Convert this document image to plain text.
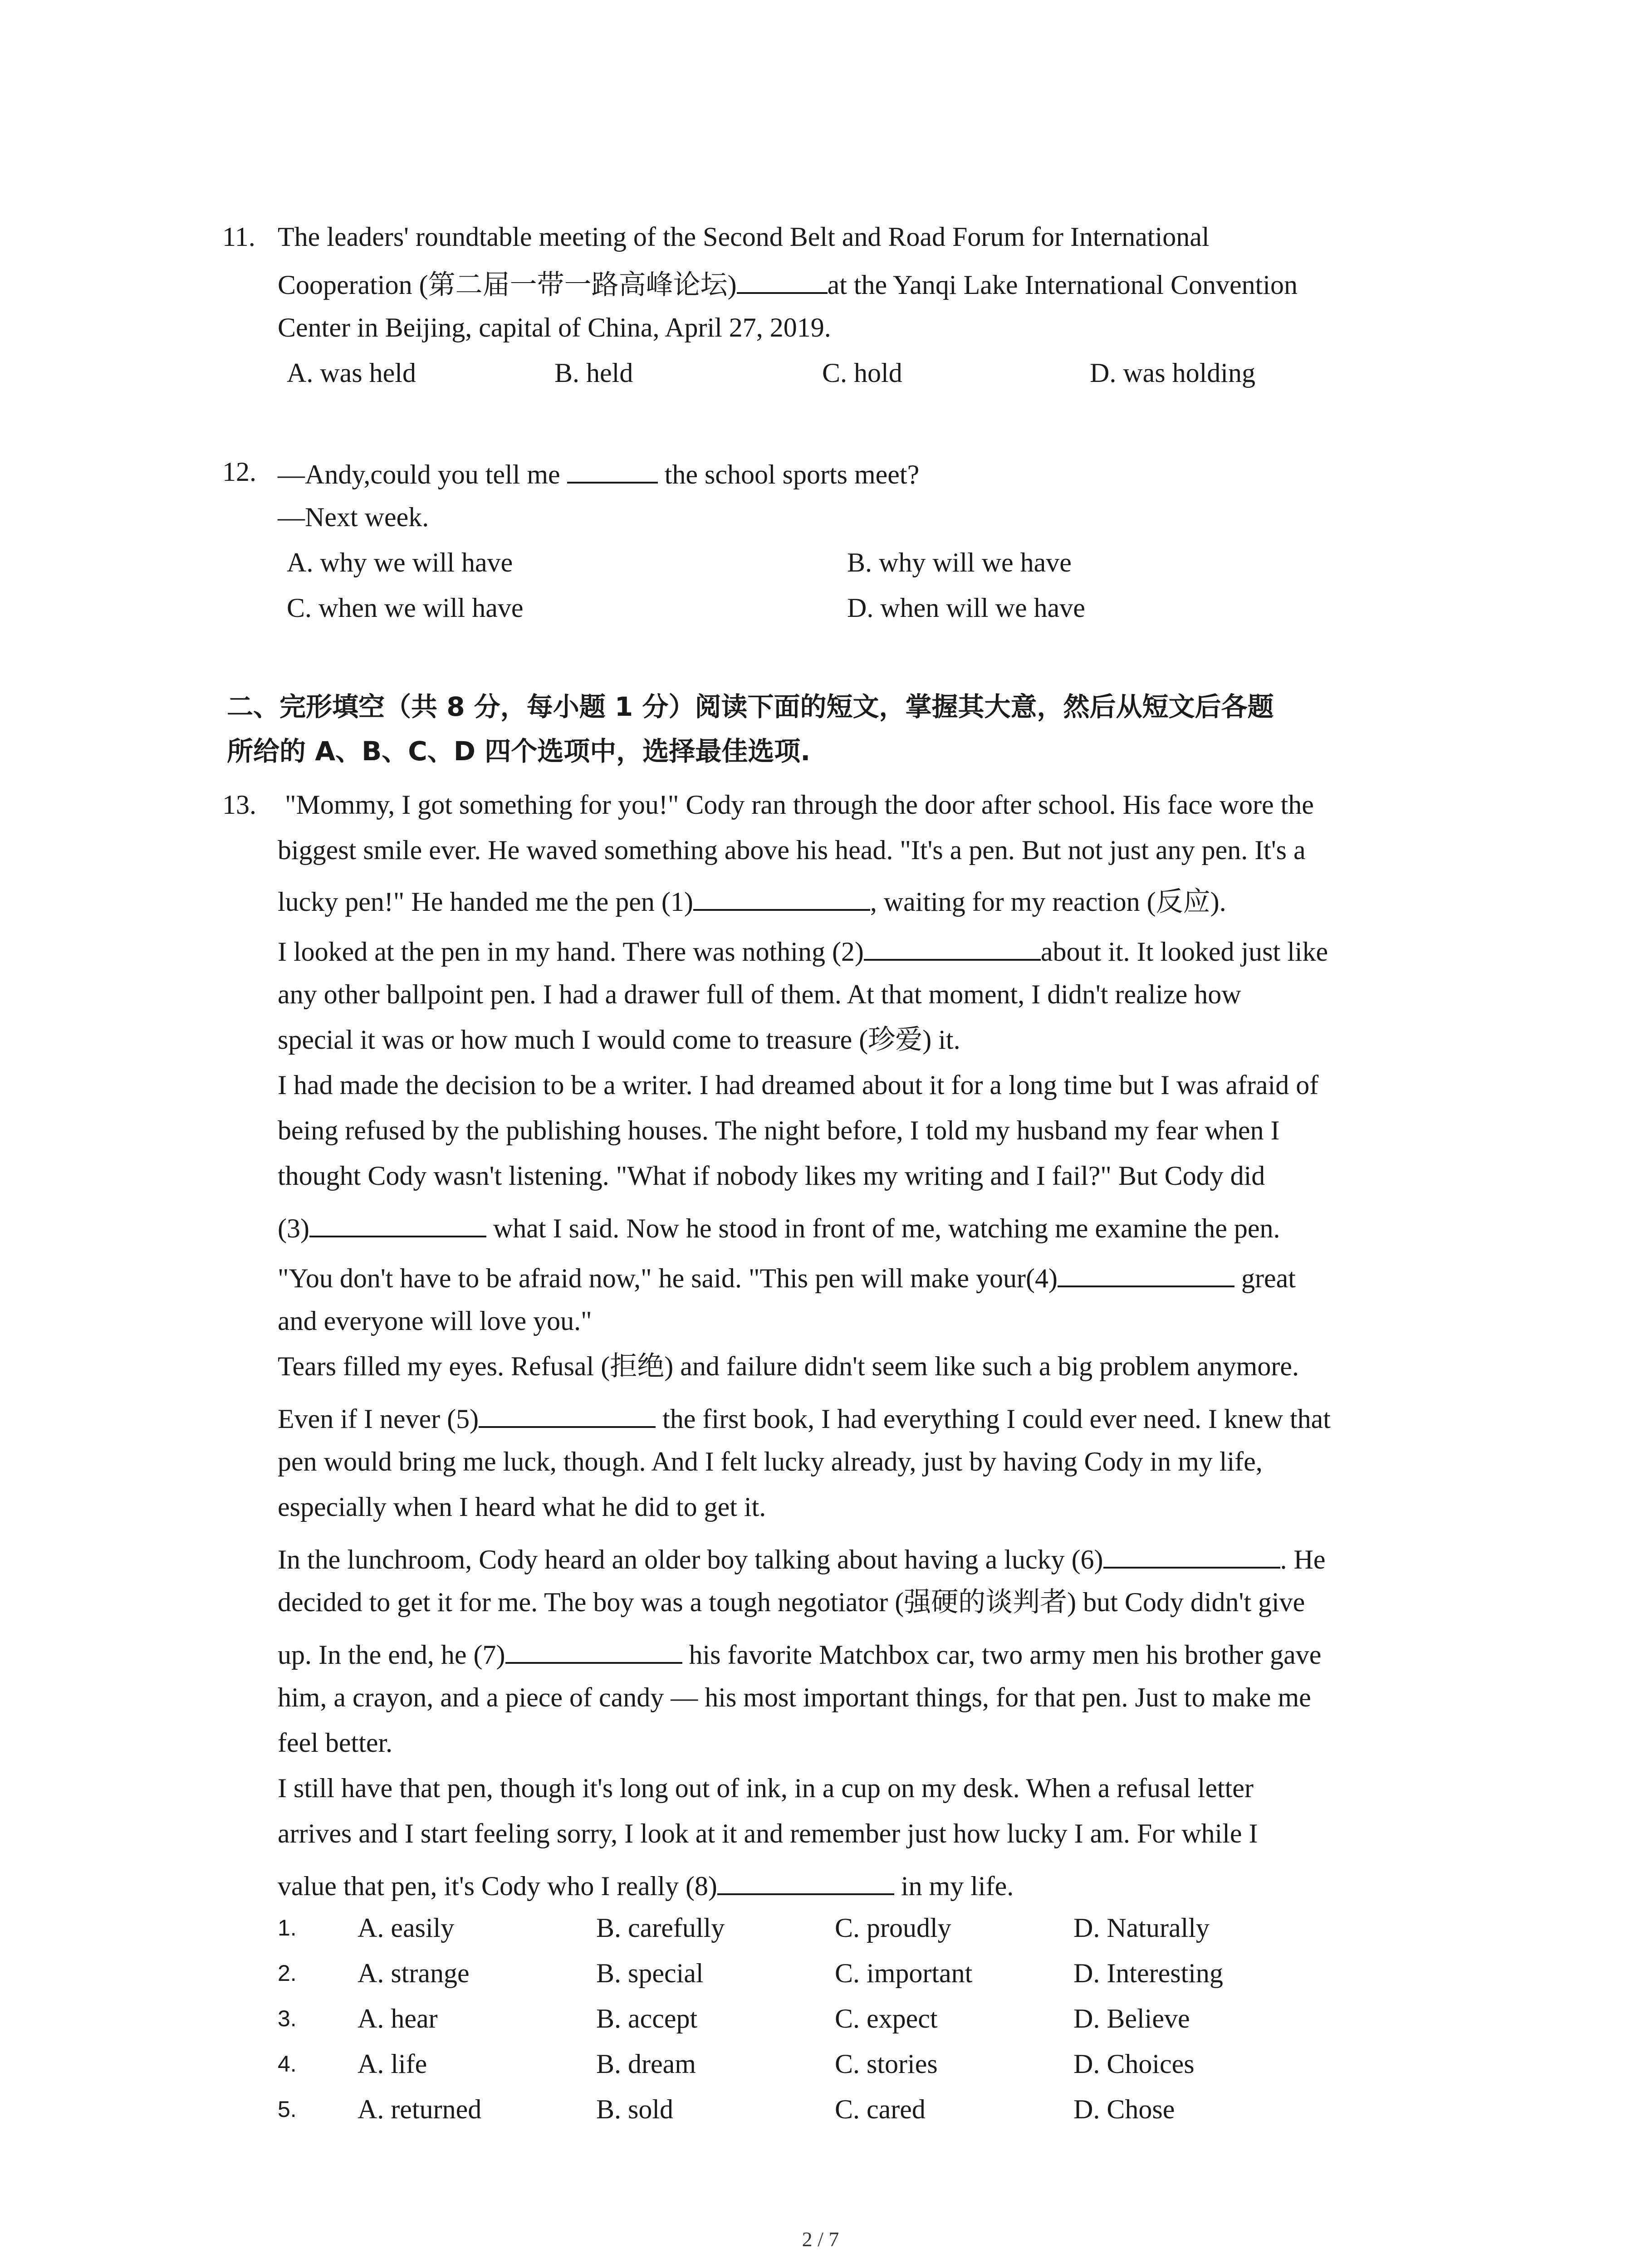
11. The leaders' roundtable meeting of the Second Belt and Road Forum for International
Cooperation (第二届一带一路高峰论坛)	at the Yanqi Lake International Convention
Center in Beijing, capital of China, April 27, 2019.
A. was held	B. held	C. hold	D. was holding
12. —Andy,could you tell me	the school sports meet?
—Next week.
A. why we will have	B. why will we have
C. when we will have	D. when will we have
二、完形填空（共 8 分，每小题 1 分）阅读下面的短文，掌握其大意，然后从短文后各题
所给的 A、B、C、D 四个选项中，选择最佳选项.
13. "Mommy, I got something for you!" Cody ran through the door after school. His face wore the
biggest smile ever. He waved something above his head. "It's a pen. But not just any pen. It's a
lucky pen!" He handed me the pen (1)	, waiting for my reaction (反应).
I looked at the pen in my hand. There was nothing (2)	about it. It looked just like
any other ballpoint pen. I had a drawer full of them. At that moment, I didn't realize how
special it was or how much I would come to treasure (珍爱) it.
I had made the decision to be a writer. I had dreamed about it for a long time but I was afraid of
being refused by the publishing houses. The night before, I told my husband my fear when I
thought Cody wasn't listening. "What if nobody likes my writing and I fail?" But Cody did
(3)	what I said. Now he stood in front of me, watching me examine the pen.
"You don't have to be afraid now," he said. "This pen will make your(4)	great
and everyone will love you."
Tears filled my eyes. Refusal (拒绝) and failure didn't seem like such a big problem anymore.
Even if I never (5)	the first book, I had everything I could ever need. I knew that
pen would bring me luck, though. And I felt lucky already, just by having Cody in my life,
especially when I heard what he did to get it.
In the lunchroom, Cody heard an older boy talking about having a lucky (6)	. He
decided to get it for me. The boy was a tough negotiator (强硬的谈判者) but Cody didn't give
up. In the end, he (7)	his favorite Matchbox car, two army men his brother gave
him, a crayon, and a piece of candy — his most important things, for that pen. Just to make me
feel better.
I still have that pen, though it's long out of ink, in a cup on my desk. When a refusal letter
arrives and I start feeling sorry, I look at it and remember just how lucky I am. For while I
value that pen, it's Cody who I really (8)	in my life.
1. A. easily	B. carefully	C. proudly	D. Naturally
2. A. strange	B. special	C. important	D. Interesting
3. A. hear	B. accept	C. expect	D. Believe
4. A. life	B. dream	C. stories	D. Choices
5. A. returned	B. sold	C. cared	D. Chose
2 / 7
